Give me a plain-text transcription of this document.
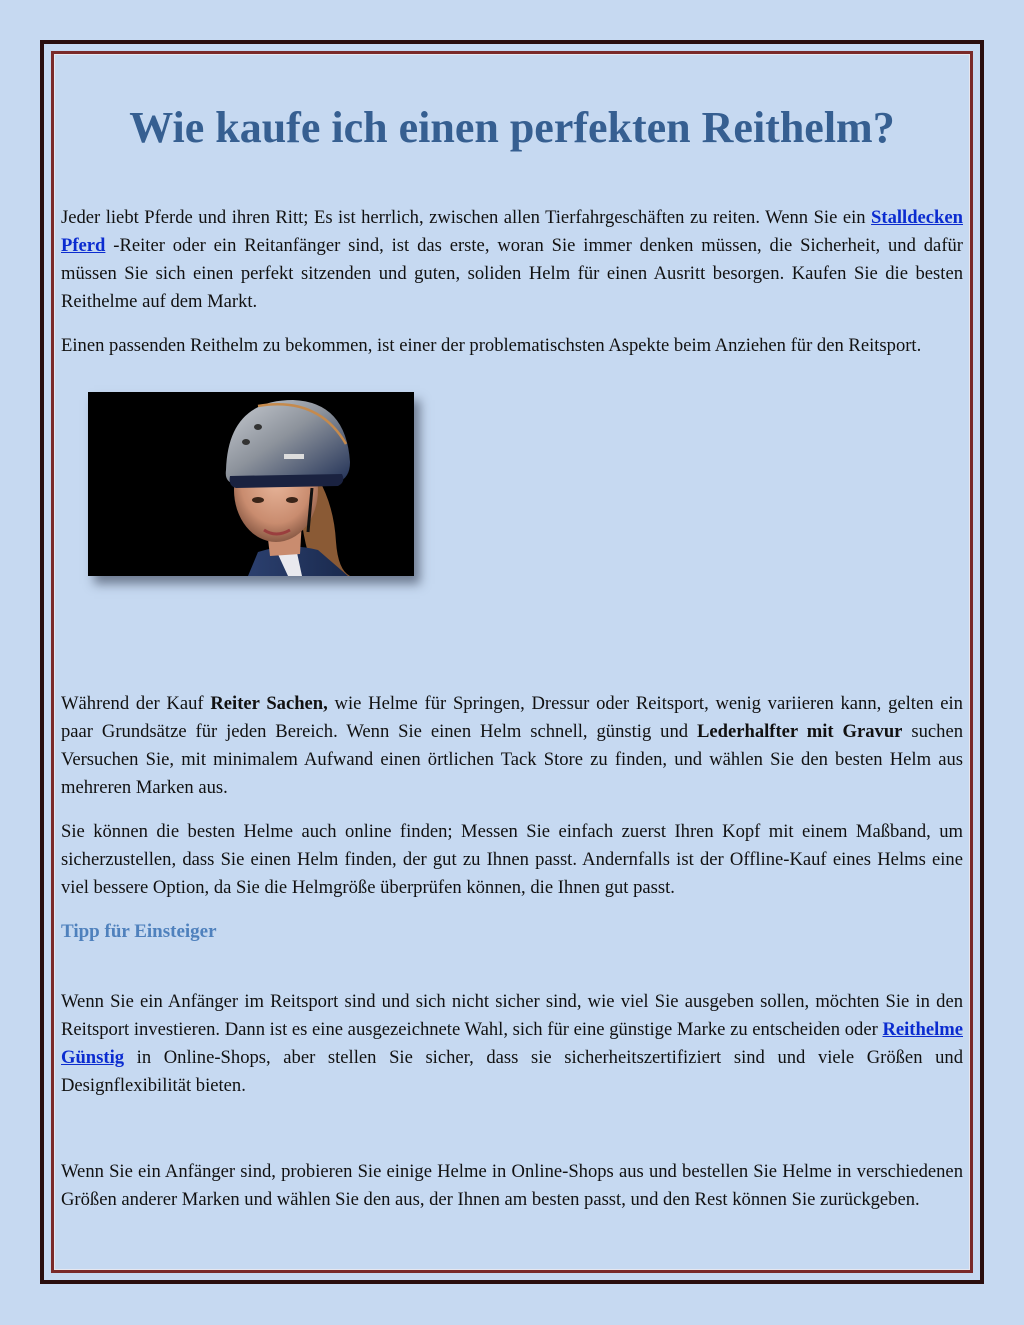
Wie kaufe ich einen perfekten Reithelm?

Jeder liebt Pferde und ihren Ritt; Es ist herrlich, zwischen allen Tierfahrgeschäften zu reiten. Wenn Sie ein Stalldecken Pferd -Reiter oder ein Reitanfänger sind, ist das erste, woran Sie immer denken müssen, die Sicherheit, und dafür müssen Sie sich einen perfekt sitzenden und guten, soliden Helm für einen Ausritt besorgen. Kaufen Sie die besten Reithelme auf dem Markt.

Einen passenden Reithelm zu bekommen, ist einer der problematischsten Aspekte beim Anziehen für den Reitsport.

Während der Kauf Reiter Sachen, wie Helme für Springen, Dressur oder Reitsport, wenig variieren kann, gelten ein paar Grundsätze für jeden Bereich. Wenn Sie einen Helm schnell, günstig und Lederhalfter mit Gravur suchen Versuchen Sie, mit minimalem Aufwand einen örtlichen Tack Store zu finden, und wählen Sie den besten Helm aus mehreren Marken aus.

Sie können die besten Helme auch online finden; Messen Sie einfach zuerst Ihren Kopf mit einem Maßband, um sicherzustellen, dass Sie einen Helm finden, der gut zu Ihnen passt. Andernfalls ist der Offline-Kauf eines Helms eine viel bessere Option, da Sie die Helmgröße überprüfen können, die Ihnen gut passt.

Tipp für Einsteiger

Wenn Sie ein Anfänger im Reitsport sind und sich nicht sicher sind, wie viel Sie ausgeben sollen, möchten Sie in den Reitsport investieren. Dann ist es eine ausgezeichnete Wahl, sich für eine günstige Marke zu entscheiden oder Reithelme Günstig in Online-Shops, aber stellen Sie sicher, dass sie sicherheitszertifiziert sind und viele Größen und Designflexibilität bieten.

Wenn Sie ein Anfänger sind, probieren Sie einige Helme in Online-Shops aus und bestellen Sie Helme in verschiedenen Größen anderer Marken und wählen Sie den aus, der Ihnen am besten passt, und den Rest können Sie zurückgeben.
